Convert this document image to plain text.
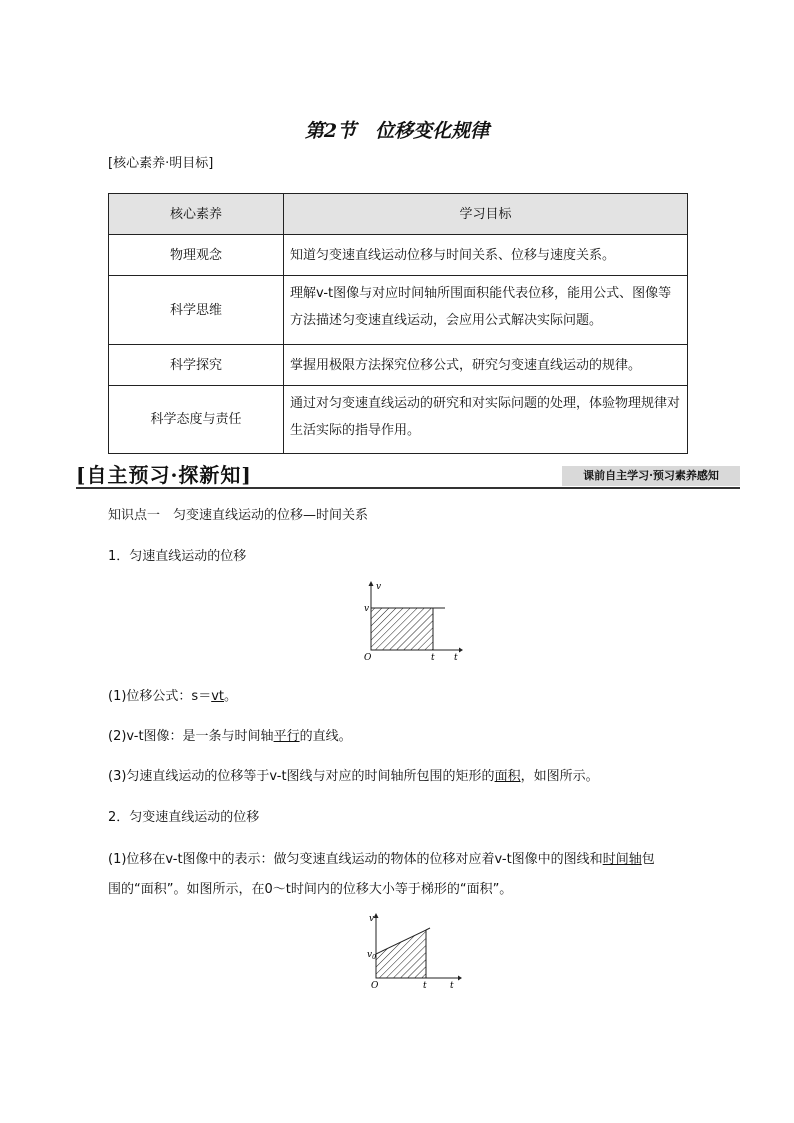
第2节　位移变化规律
[核心素养·明目标]
核心素养	学习目标
物理观念	知道匀变速直线运动位移与时间关系、位移与速度关系。
科学思维	理解v-t图像与对应时间轴所围面积能代表位移，能用公式、图像等方法描述匀变速直线运动，会应用公式解决实际问题。
科学探究	掌握用极限方法探究位移公式，研究匀变速直线运动的规律。
科学态度与责任	通过对匀变速直线运动的研究和对实际问题的处理，体验物理规律对生活实际的指导作用。
[自主预习·探新知]	课前自主学习·预习素养感知
知识点一　匀变速直线运动的位移—时间关系
1．匀速直线运动的位移
v
v
O	t t
(1)位移公式：s＝vt。
(2)v-t图像：是一条与时间轴平行的直线。
(3)匀速直线运动的位移等于v-t图线与对应的时间轴所包围的矩形的面积，如图所示。
2．匀变速直线运动的位移
(1)位移在v-t图像中的表示：做匀变速直线运动的物体的位移对应着v-t图像中的图线和时间轴包
围的“面积”。如图所示，在0～t时间内的位移大小等于梯形的“面积”。
v
$v_0$
O	t	t
